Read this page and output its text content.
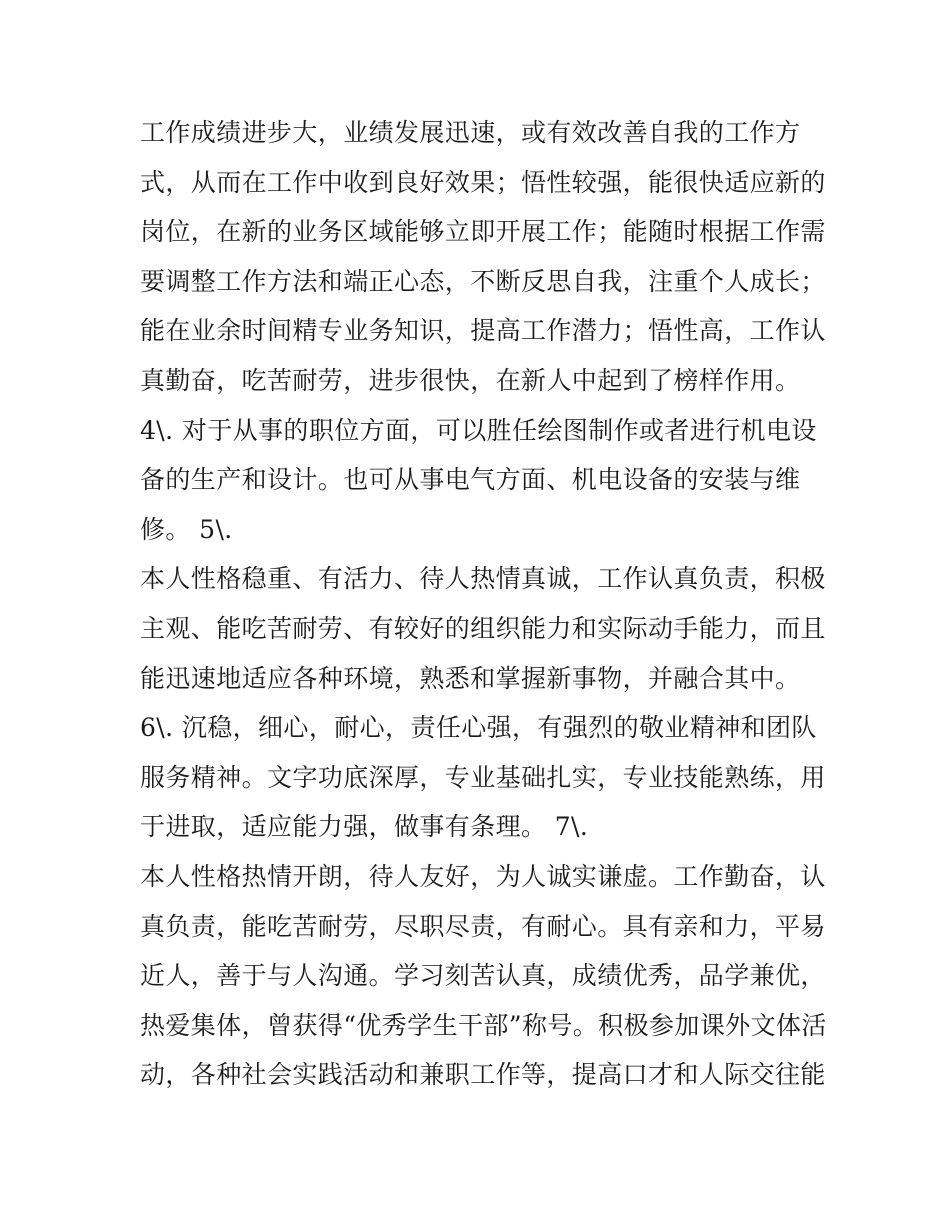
工作成绩进步大，业绩发展迅速，或有效改善自我的工作方
式，从而在工作中收到良好效果；悟性较强，能很快适应新的
岗位，在新的业务区域能够立即开展工作；能随时根据工作需
要调整工作方法和端正心态，不断反思自我，注重个人成长；
能在业余时间精专业务知识，提高工作潜力；悟性高，工作认
真勤奋，吃苦耐劳，进步很快，在新人中起到了榜样作用。
4\. 对于从事的职位方面，可以胜任绘图制作或者进行机电设
备的生产和设计。也可从事电气方面、机电设备的安装与维
修。 5\.
本人性格稳重、有活力、待人热情真诚，工作认真负责，积极
主观、能吃苦耐劳、有较好的组织能力和实际动手能力，而且
能迅速地适应各种环境，熟悉和掌握新事物，并融合其中。
6\. 沉稳，细心，耐心，责任心强，有强烈的敬业精神和团队
服务精神。文字功底深厚，专业基础扎实，专业技能熟练，用
于进取，适应能力强，做事有条理。 7\.
本人性格热情开朗，待人友好，为人诚实谦虚。工作勤奋，认
真负责，能吃苦耐劳，尽职尽责，有耐心。具有亲和力，平易
近人，善于与人沟通。学习刻苦认真，成绩优秀，品学兼优，
热爱集体，曾获得“优秀学生干部”称号。积极参加课外文体活
动，各种社会实践活动和兼职工作等，提高口才和人际交往能
